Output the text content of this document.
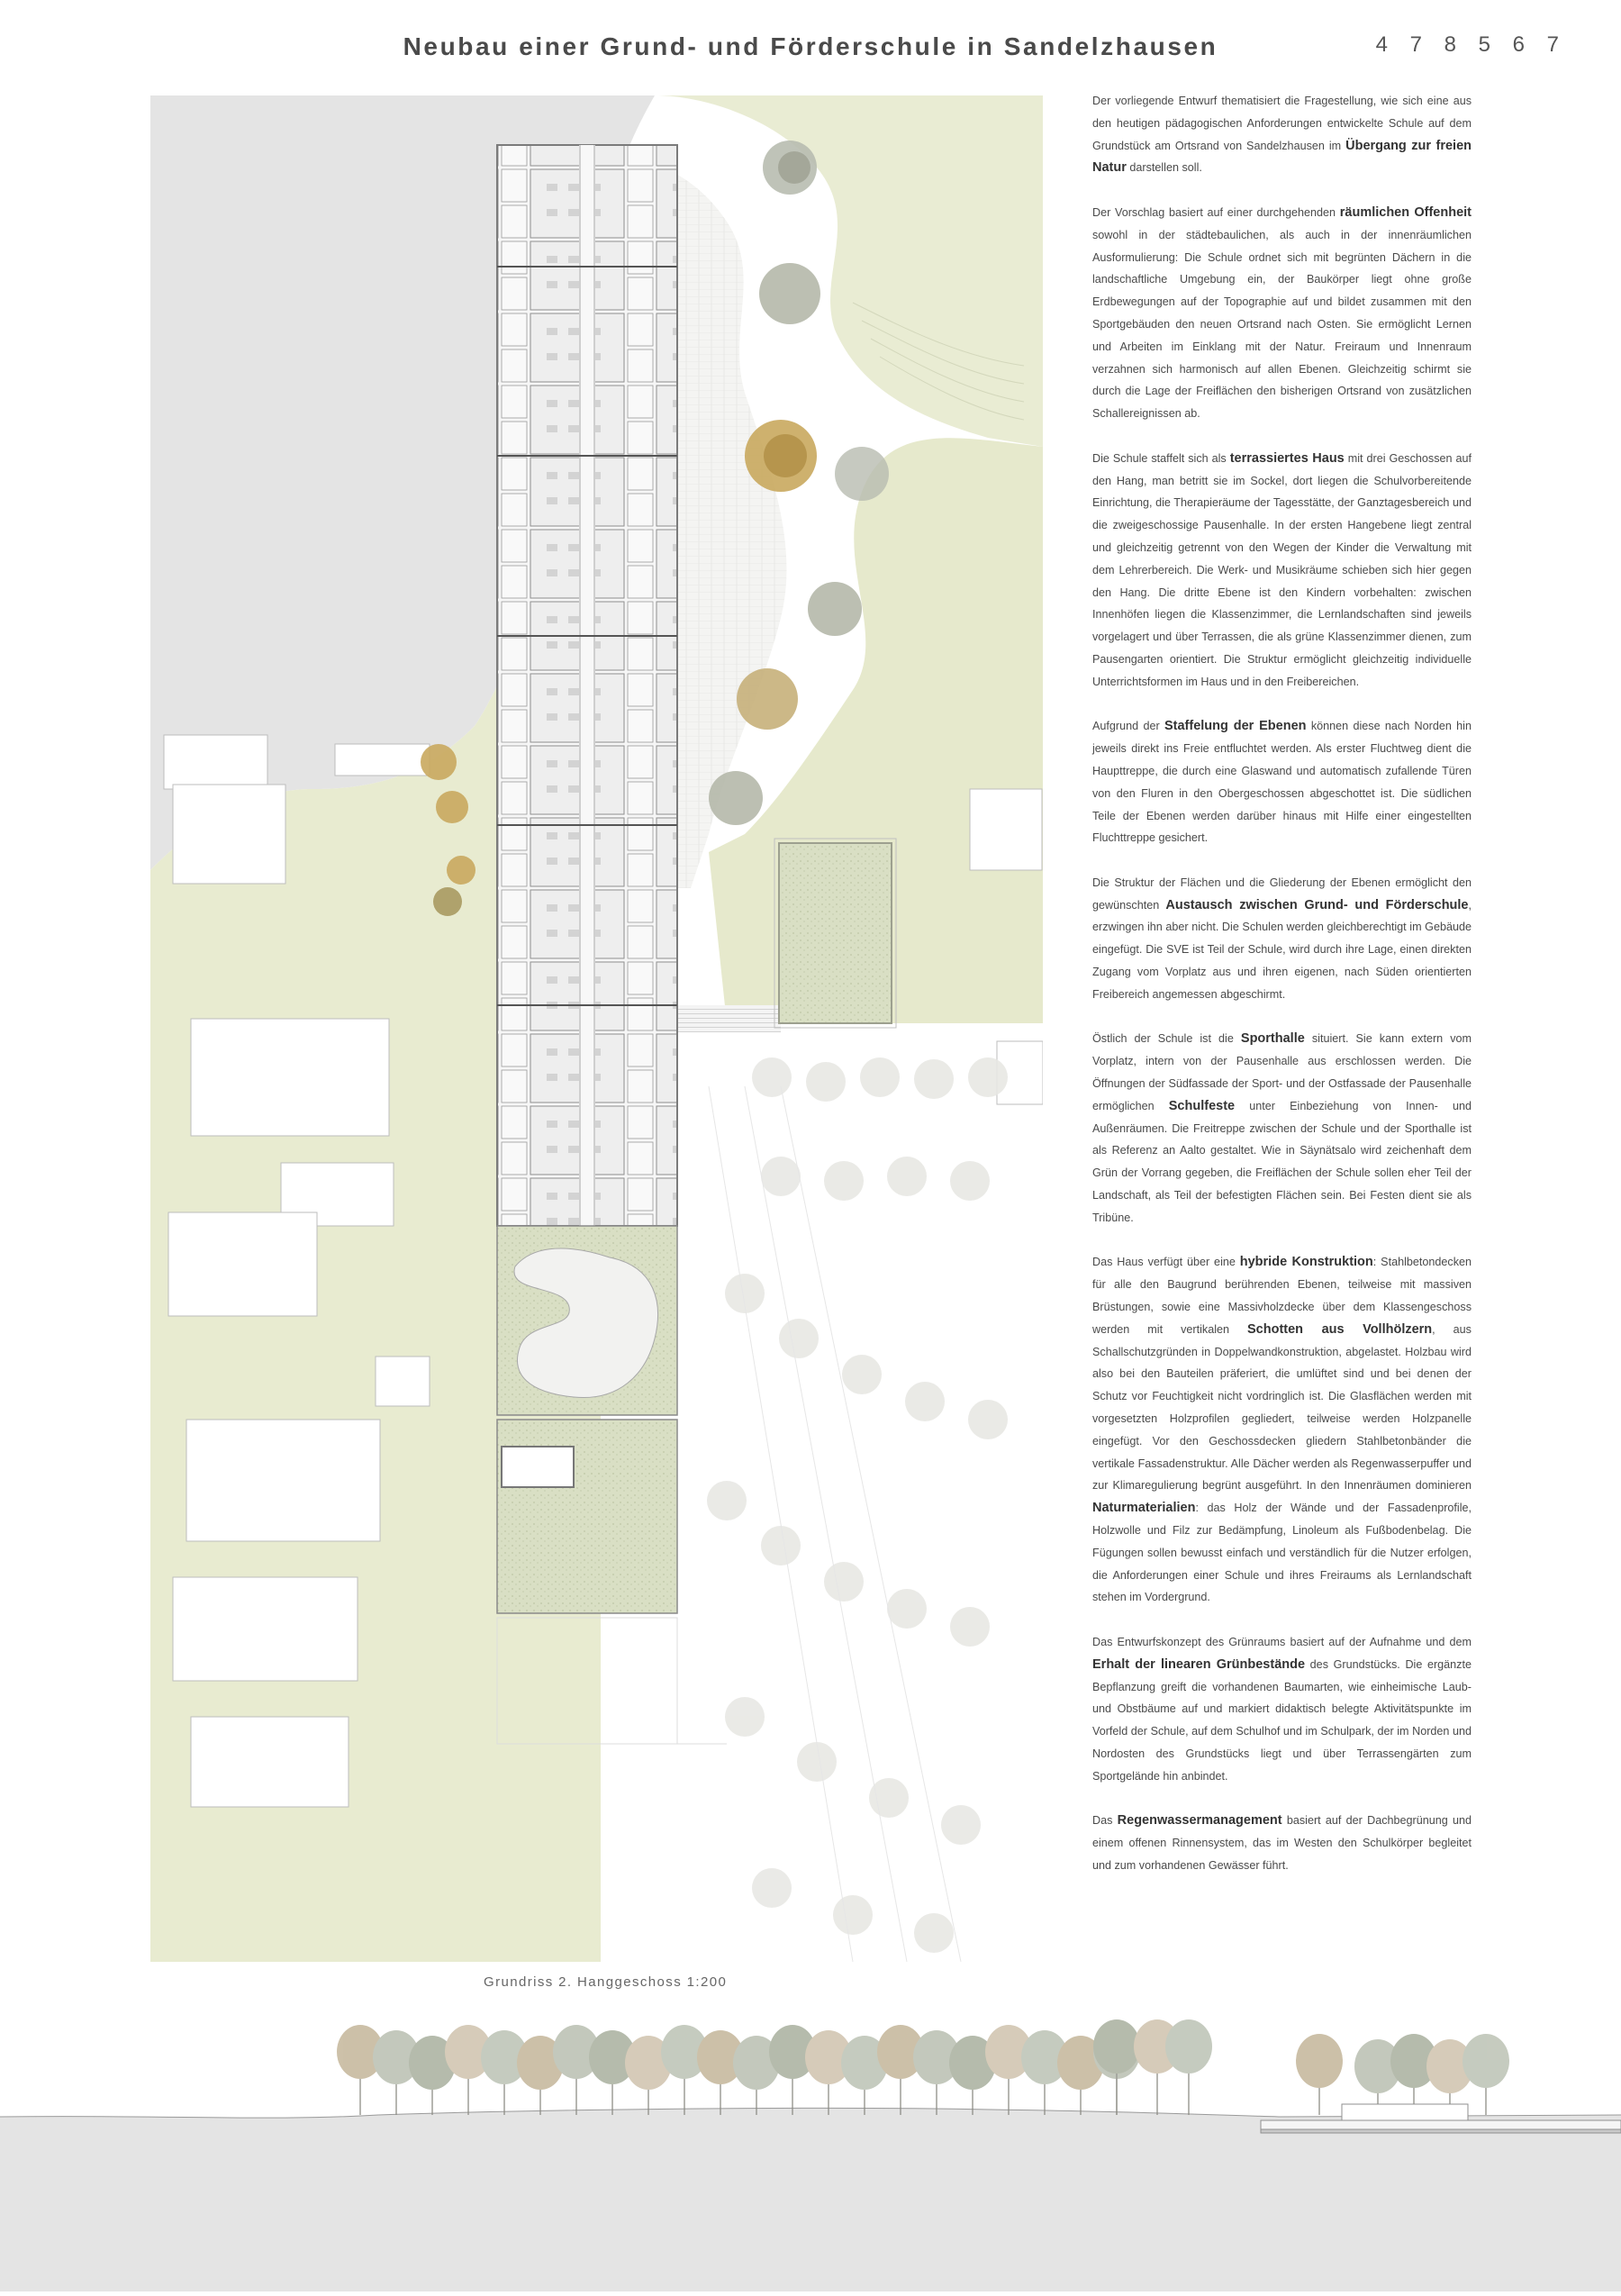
Neubau einer Grund- und Förderschule in Sandelzhausen	4 7 8 5 6 7
Grundriss 2. Hanggeschoss 1:200

Der vorliegende Entwurf thematisiert die Fragestellung, wie sich eine aus den heutigen pädagogischen Anforderungen entwickelte Schule auf dem Grundstück am Ortsrand von Sandelzhausen im Übergang zur freien Natur darstellen soll.

Der Vorschlag basiert auf einer durchgehenden räumlichen Offenheit sowohl in der städtebaulichen, als auch in der innenräumlichen Ausformulierung: Die Schule ordnet sich mit begrünten Dächern in die landschaftliche Umgebung ein, der Baukörper liegt ohne große Erdbewegungen auf der Topographie auf und bildet zusammen mit den Sportgebäuden den neuen Ortsrand nach Osten. Sie ermöglicht Lernen und Arbeiten im Einklang mit der Natur. Freiraum und Innenraum verzahnen sich harmonisch auf allen Ebenen. Gleichzeitig schirmt sie durch die Lage der Freiflächen den bisherigen Ortsrand von zusätzlichen Schallereignissen ab.

Die Schule staffelt sich als terrassiertes Haus mit drei Geschossen auf den Hang, man betritt sie im Sockel, dort liegen die Schulvorbereitende Einrichtung, die Therapieräume der Tagesstätte, der Ganztagesbereich und die zweigeschossige Pausenhalle. In der ersten Hangebene liegt zentral und gleichzeitig getrennt von den Wegen der Kinder die Verwaltung mit dem Lehrerbereich. Die Werk- und Musikräume schieben sich hier gegen den Hang. Die dritte Ebene ist den Kindern vorbehalten: zwischen Innenhöfen liegen die Klassenzimmer, die Lernlandschaften sind jeweils vorgelagert und über Terrassen, die als grüne Klassenzimmer dienen, zum Pausengarten orientiert. Die Struktur ermöglicht gleichzeitig individuelle Unterrichtsformen im Haus und in den Freibereichen.

Aufgrund der Staffelung der Ebenen können diese nach Norden hin jeweils direkt ins Freie entfluchtet werden. Als erster Fluchtweg dient die Haupttreppe, die durch eine Glaswand und automatisch zufallende Türen von den Fluren in den Obergeschossen abgeschottet ist. Die südlichen Teile der Ebenen werden darüber hinaus mit Hilfe einer eingestellten Fluchttreppe gesichert.

Die Struktur der Flächen und die Gliederung der Ebenen ermöglicht den gewünschten Austausch zwischen Grund- und Förderschule, erzwingen ihn aber nicht. Die Schulen werden gleichberechtigt im Gebäude eingefügt. Die SVE ist Teil der Schule, wird durch ihre Lage, einen direkten Zugang vom Vorplatz aus und ihren eigenen, nach Süden orientierten Freibereich angemessen abgeschirmt.

Östlich der Schule ist die Sporthalle situiert. Sie kann extern vom Vorplatz, intern von der Pausenhalle aus erschlossen werden. Die Öffnungen der Südfassade der Sport- und der Ostfassade der Pausenhalle ermöglichen Schulfeste unter Einbeziehung von Innen- und Außenräumen. Die Freitreppe zwischen der Schule und der Sporthalle ist als Referenz an Aalto gestaltet. Wie in Säynätsalo wird zeichenhaft dem Grün der Vorrang gegeben, die Freiflächen der Schule sollen eher Teil der Landschaft, als Teil der befestigten Flächen sein. Bei Festen dient sie als Tribüne.

Das Haus verfügt über eine hybride Konstruktion: Stahlbetondecken für alle den Baugrund berührenden Ebenen, teilweise mit massiven Brüstungen, sowie eine Massivholzdecke über dem Klassengeschoss werden mit vertikalen Schotten aus Vollhölzern, aus Schallschutzgründen in Doppelwandkonstruktion, abgelastet. Holzbau wird also bei den Bauteilen präferiert, die umlüftet sind und bei denen der Schutz vor Feuchtigkeit nicht vordringlich ist. Die Glasflächen werden mit vorgesetzten Holzprofilen gegliedert, teilweise werden Holzpanelle eingefügt. Vor den Geschossdecken gliedern Stahlbetonbänder die vertikale Fassadenstruktur. Alle Dächer werden als Regenwasserpuffer und zur Klimaregulierung begrünt ausgeführt. In den Innenräumen dominieren Naturmaterialien: das Holz der Wände und der Fassadenprofile, Holzwolle und Filz zur Bedämpfung, Linoleum als Fußbodenbelag. Die Fügungen sollen bewusst einfach und verständlich für die Nutzer erfolgen, die Anforderungen einer Schule und ihres Freiraums als Lernlandschaft stehen im Vordergrund.

Das Entwurfskonzept des Grünraums basiert auf der Aufnahme und dem Erhalt der linearen Grünbestände des Grundstücks. Die ergänzte Bepflanzung greift die vorhandenen Baumarten, wie einheimische Laub- und Obstbäume auf und markiert didaktisch belegte Aktivitätspunkte im Vorfeld der Schule, auf dem Schulhof und im Schulpark, der im Norden und Nordosten des Grundstücks liegt und über Terrassengärten zum Sportgelände hin anbindet.

Das Regenwassermanagement basiert auf der Dachbegrünung und einem offenen Rinnensystem, das im Westen den Schulkörper begleitet und zum vorhandenen Gewässer führt.
